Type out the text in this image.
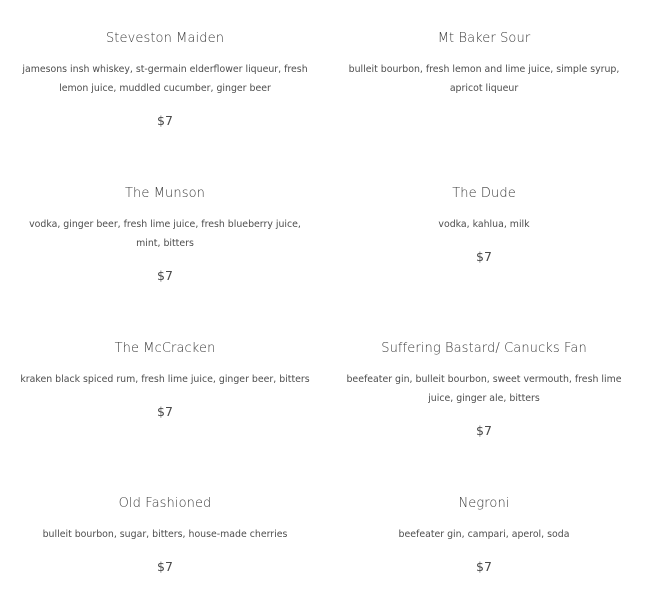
Steveston Maiden
jamesons insh whiskey, st-germain elderflower liqueur, fresh lemon juice, muddled cucumber, ginger beer
$7
Mt Baker Sour
bulleit bourbon, fresh lemon and lime juice, simple syrup, apricot liqueur
The Munson
vodka, ginger beer, fresh lime juice, fresh blueberry juice, mint, bitters
$7
The Dude
vodka, kahlua, milk
$7
The McCracken
kraken black spiced rum, fresh lime juice, ginger beer, bitters
$7
Suffering Bastard/ Canucks Fan
beefeater gin, bulleit bourbon, sweet vermouth, fresh lime juice, ginger ale, bitters
$7
Old Fashioned
bulleit bourbon, sugar, bitters, house-made cherries
$7
Negroni
beefeater gin, campari, aperol, soda
$7
